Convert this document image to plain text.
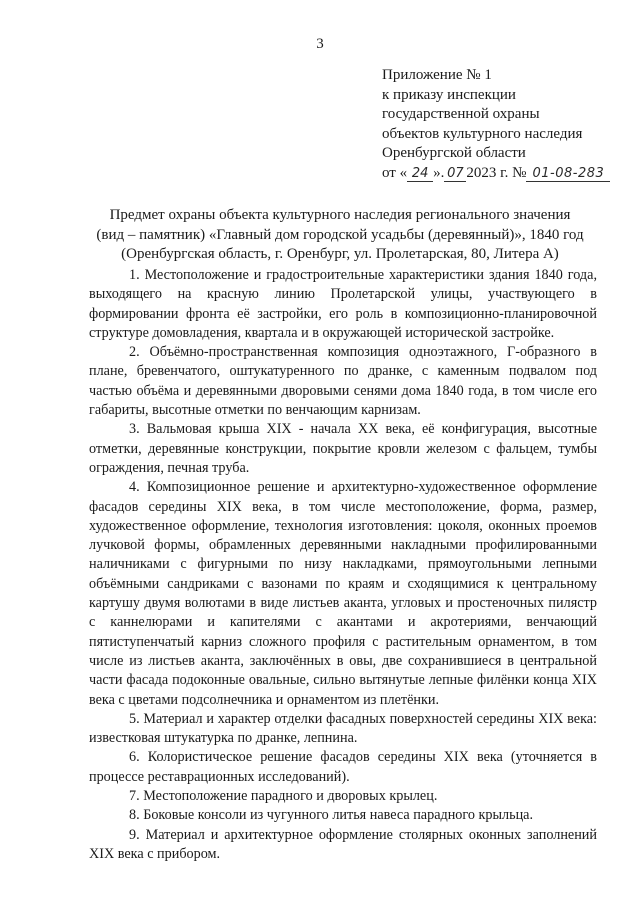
3
Приложение № 1
к приказу инспекции
государственной охраны
объектов культурного наследия
Оренбургской области
от « 24 ». 07 2023 г. № 01-08-283
Предмет охраны объекта культурного наследия регионального значения
(вид – памятник) «Главный дом городской усадьбы (деревянный)», 1840 год
(Оренбургская область, г. Оренбург, ул. Пролетарская, 80, Литера А)

1. Местоположение и градостроительные характеристики здания 1840 года, выходящего на красную линию Пролетарской улицы, участвующего в формировании фронта её застройки, его роль в композиционно-планировочной структуре домовладения, квартала и в окружающей исторической застройке.

2. Объёмно-пространственная композиция одноэтажного, Г-образного в плане, бревенчатого, оштукатуренного по дранке, с каменным подвалом под частью объёма и деревянными дворовыми сенями дома 1840 года, в том числе его габариты, высотные отметки по венчающим карнизам.

3. Вальмовая крыша XIX - начала XX века, её конфигурация, высотные отметки, деревянные конструкции, покрытие кровли железом с фальцем, тумбы ограждения, печная труба.

4. Композиционное решение и архитектурно-художественное оформление фасадов середины XIX века, в том числе местоположение, форма, размер, художественное оформление, технология изготовления: цоколя, оконных проемов лучковой формы, обрамленных деревянными накладными профилированными наличниками с фигурными по низу накладками, прямоугольными лепными объёмными сандриками с вазонами по краям и сходящимися к центральному картушу двумя волютами в виде листьев аканта, угловых и простеночных пилястр с каннелюрами и капителями с акантами и акротериями, венчающий пятиступенчатый карниз сложного профиля с растительным орнаментом, в том числе из листьев аканта, заключённых в овы, две сохранившиеся в центральной части фасада подоконные овальные, сильно вытянутые лепные филёнки конца XIX века с цветами подсолнечника и орнаментом из плетёнки.

5. Материал и характер отделки фасадных поверхностей середины XIX века: известковая штукатурка по дранке, лепнина.

6. Колористическое решение фасадов середины XIX века (уточняется в процессе реставрационных исследований).

7. Местоположение парадного и дворовых крылец.

8. Боковые консоли из чугунного литья навеса парадного крыльца.

9. Материал и архитектурное оформление столярных оконных заполнений XIX века с прибором.
